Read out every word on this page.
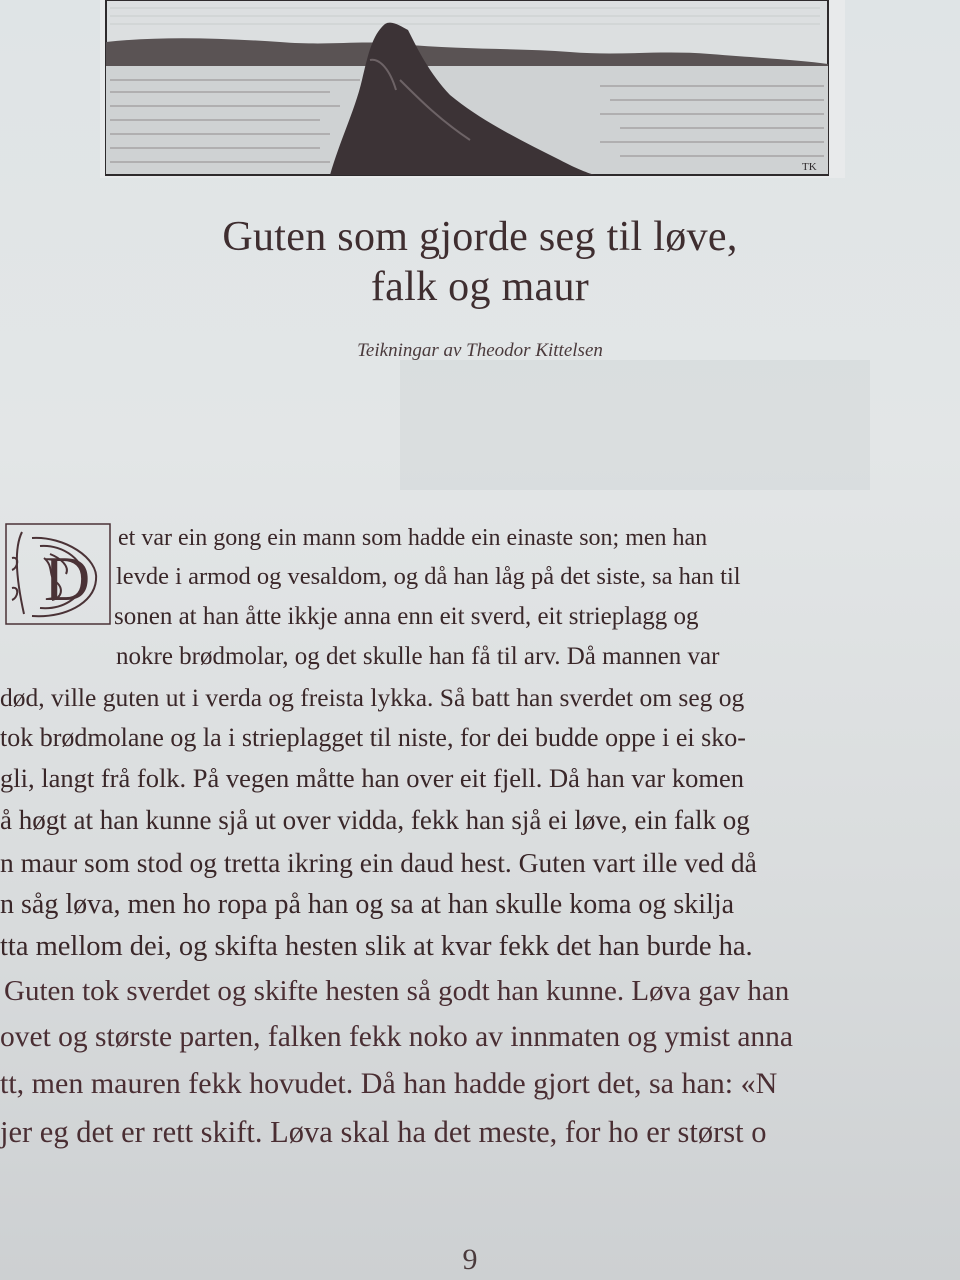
TK
Guten som gjorde seg til løve,
falk og maur
Teikningar av Theodor Kittelsen
D
et var ein gong ein mann som hadde ein einaste son; men han
levde i armod og vesaldom, og då han låg på det siste, sa han til
sonen at han åtte ikkje anna enn eit sverd, eit strieplagg og
nokre brødmolar, og det skulle han få til arv. Då mannen var
død, ville guten ut i verda og freista lykka. Så batt han sverdet om seg og
tok brødmolane og la i strieplagget til niste, for dei budde oppe i ei sko-
gli, langt frå folk. På vegen måtte han over eit fjell. Då han var komen
å høgt at han kunne sjå ut over vidda, fekk han sjå ei løve, ein falk og
n maur som stod og tretta ikring ein daud hest. Guten vart ille ved då
n såg løva, men ho ropa på han og sa at han skulle koma og skilja
tta mellom dei, og skifta hesten slik at kvar fekk det han burde ha.
Guten tok sverdet og skifte hesten så godt han kunne. Løva gav han
ovet og største parten, falken fekk noko av innmaten og ymist anna
tt, men mauren fekk hovudet. Då han hadde gjort det, sa han: «N
jer eg det er rett skift. Løva skal ha det meste, for ho er størst o
9
